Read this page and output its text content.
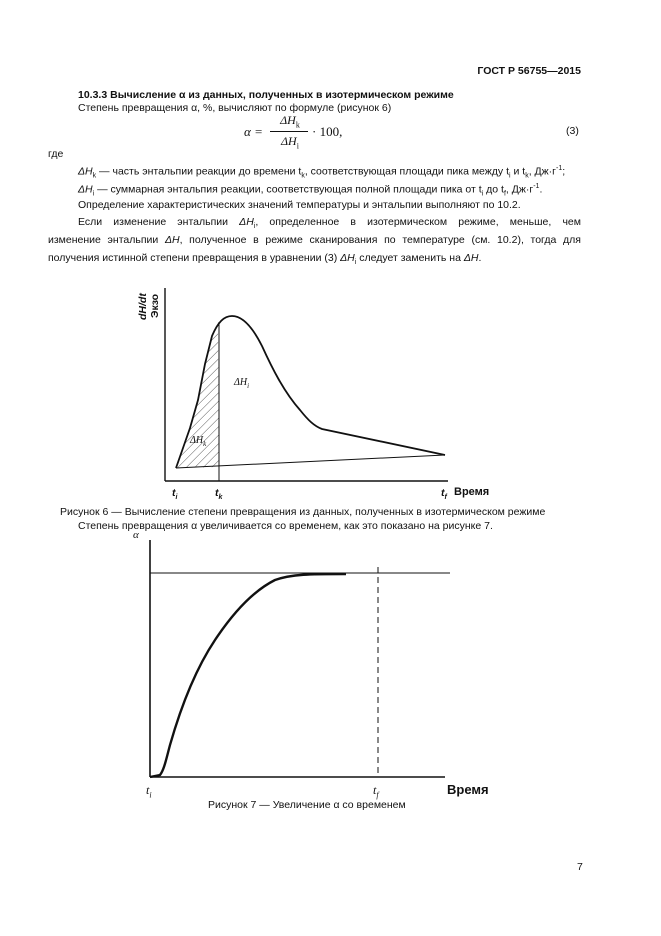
ГОСТ Р 56755—2015
10.3.3 Вычисление α из данных, полученных в изотермическом режиме
Степень превращения α, %, вычисляют по формуле (рисунок 6)
α =
$\Delta H_k$
$\Delta H_i$
· 100,	(3)
где
$\Delta H_k$ — часть энтальпии реакции до времени $t_k$, соответствующая площади пика между $t_i$ и $t_k$, $Дж\cdot г^{-1}$;
$\Delta H_i$ — суммарная энтальпия реакции, соответствующая полной площади пика от $t_i$ до $t_f$, $Дж\cdot г^{-1}$.
Определение характеристических значений температуры и энтальпии выполняют по 10.2.
Если изменение энтальпии $\Delta H_i$, определенное в изотермическом режиме, меньше, чем
изменение энтальпии ΔH, полученное в режиме сканирования по температуре (см. 10.2), тогда для
получения истинной степени превращения в уравнении (3) $\Delta H_i$ следует заменить на ΔH.
dH/dt Экзо
$\Delta H_i$
$\Delta H_k$
$t_i$	$t_k$	$t_f$ Время
Рисунок 6 — Вычисление степени превращения из данных, полученных в изотермическом режиме
Степень превращения α увеличивается со временем, как это показано на рисунке 7.
α
$t_i$	$t_f$	Время
Рисунок 7 — Увеличение α со временем
7
